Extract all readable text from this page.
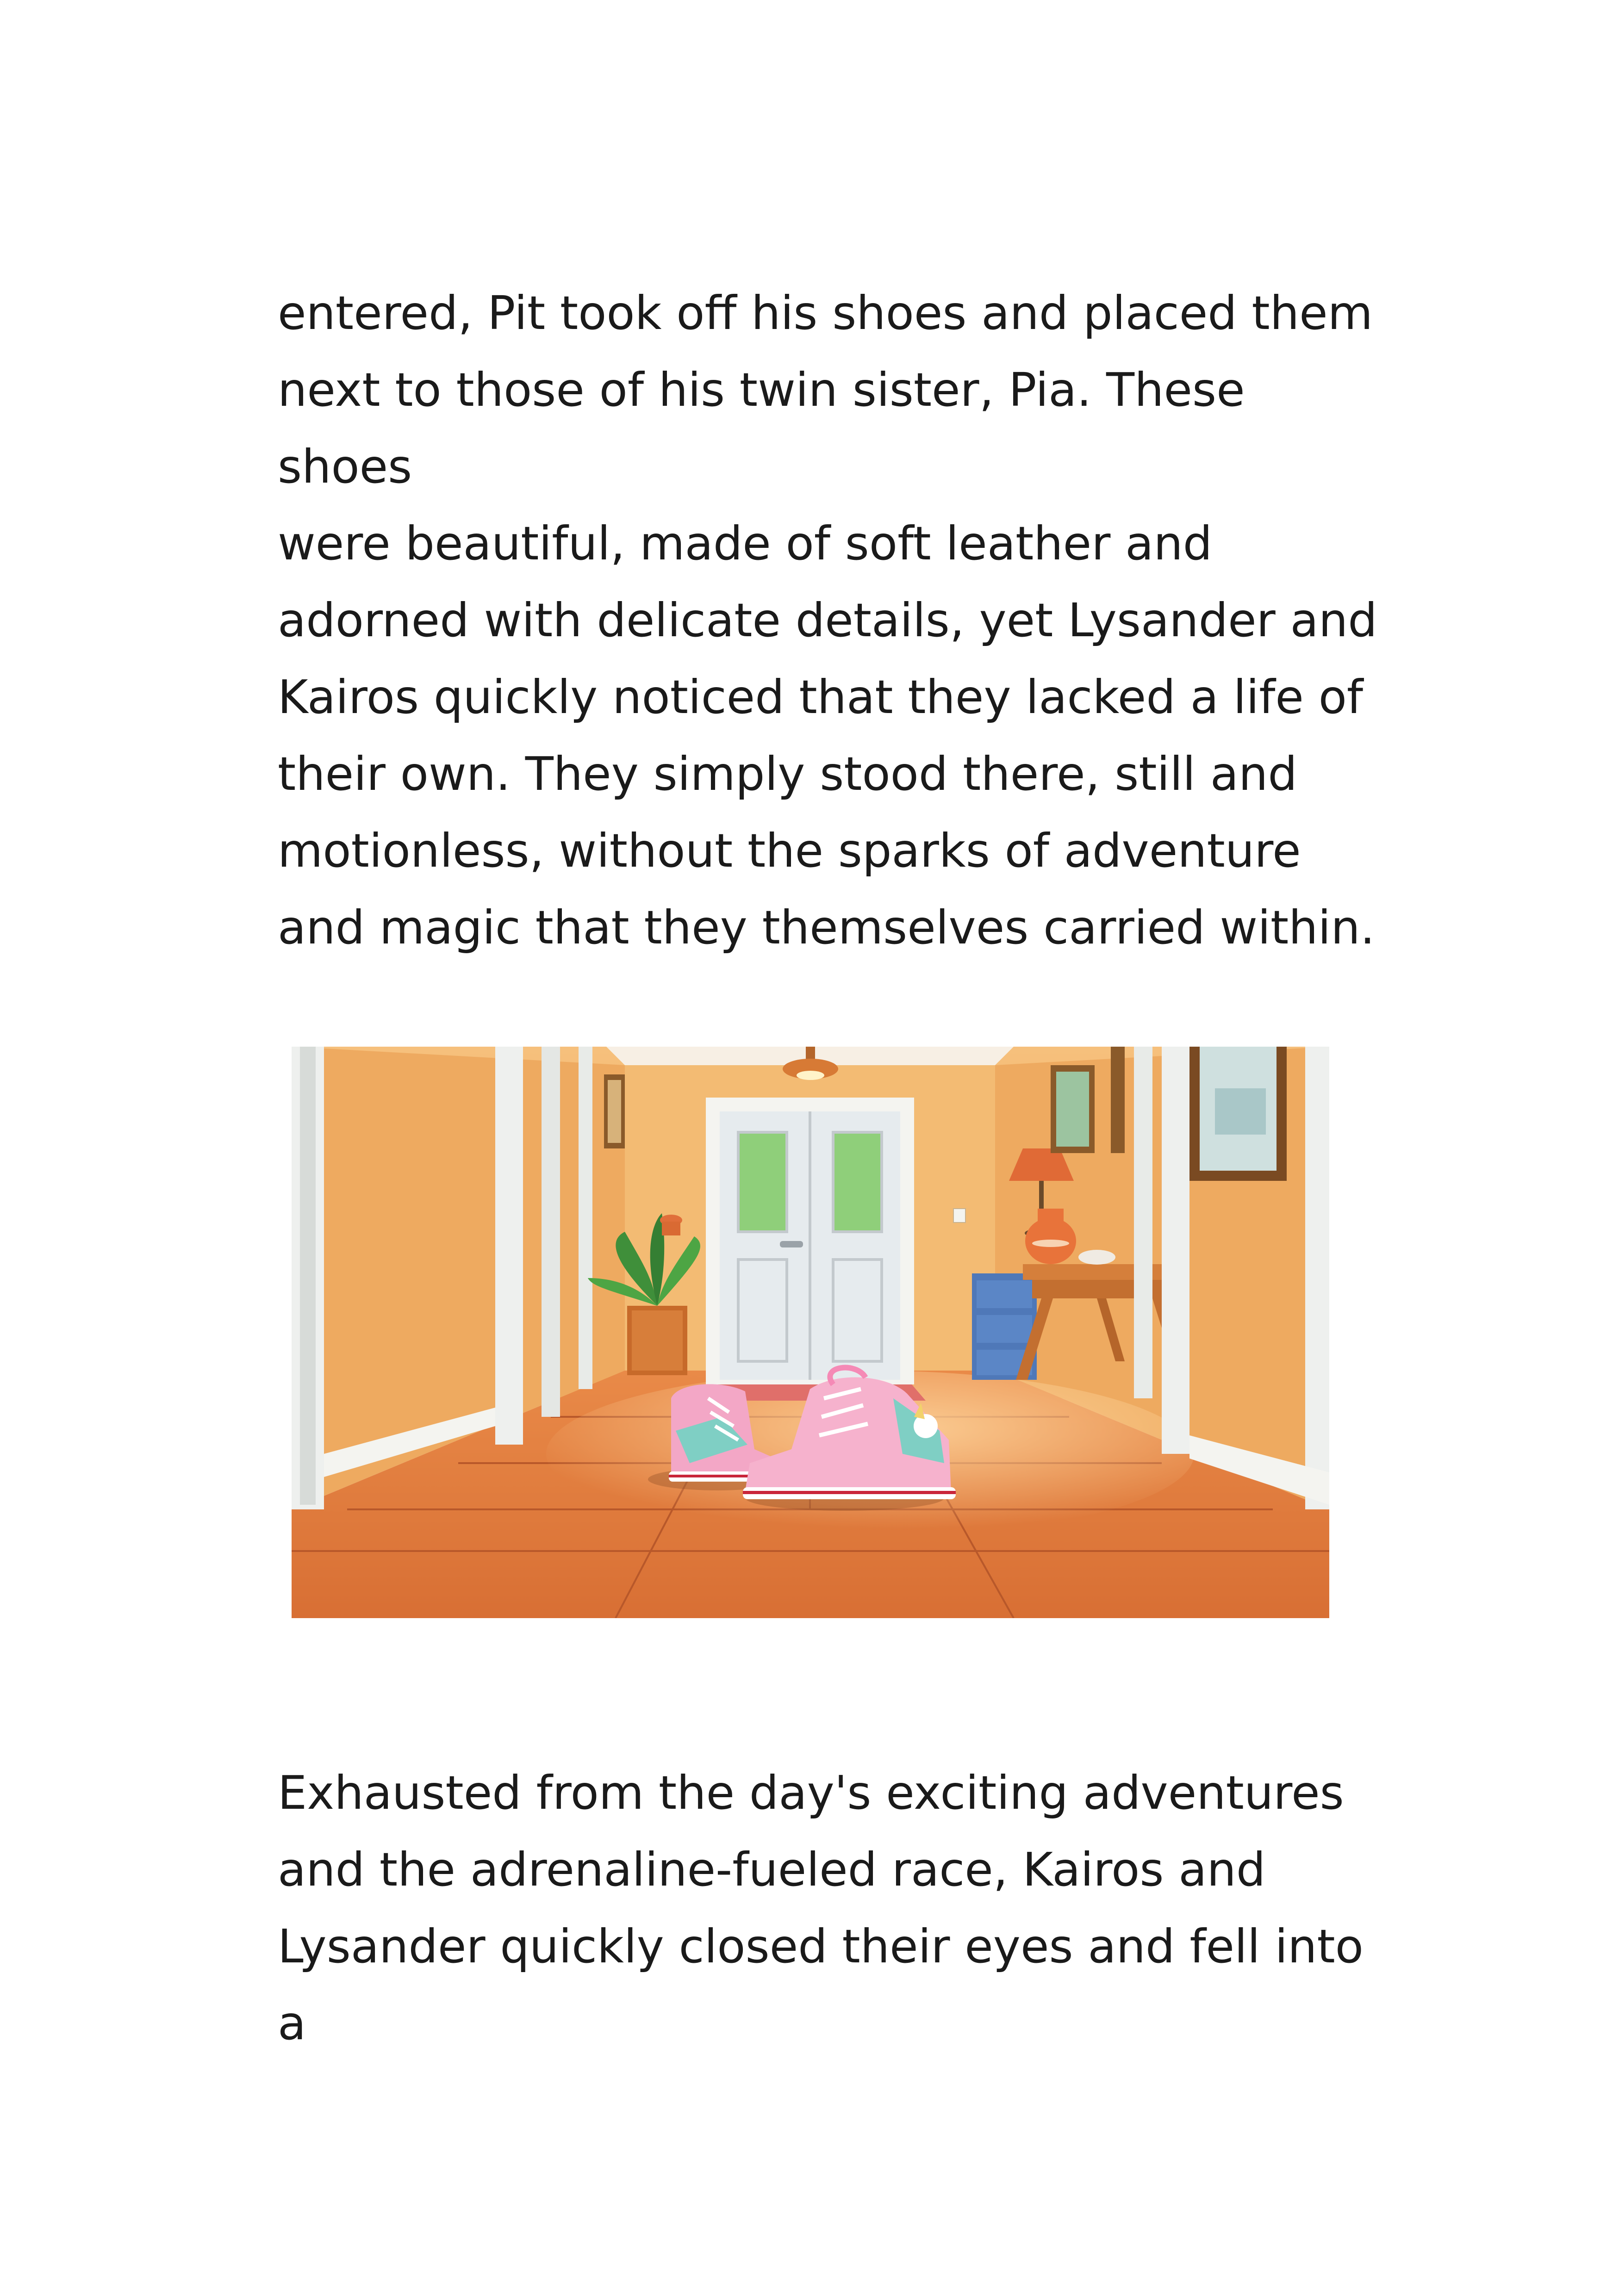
entered, Pit took off his shoes and placed them
next to those of his twin sister, Pia. These shoes
were beautiful, made of soft leather and
adorned with delicate details, yet Lysander and
Kairos quickly noticed that they lacked a life of
their own. They simply stood there, still and
motionless, without the sparks of adventure
and magic that they themselves carried within.

Exhausted from the day's exciting adventures
and the adrenaline-fueled race, Kairos and
Lysander quickly closed their eyes and fell into a
